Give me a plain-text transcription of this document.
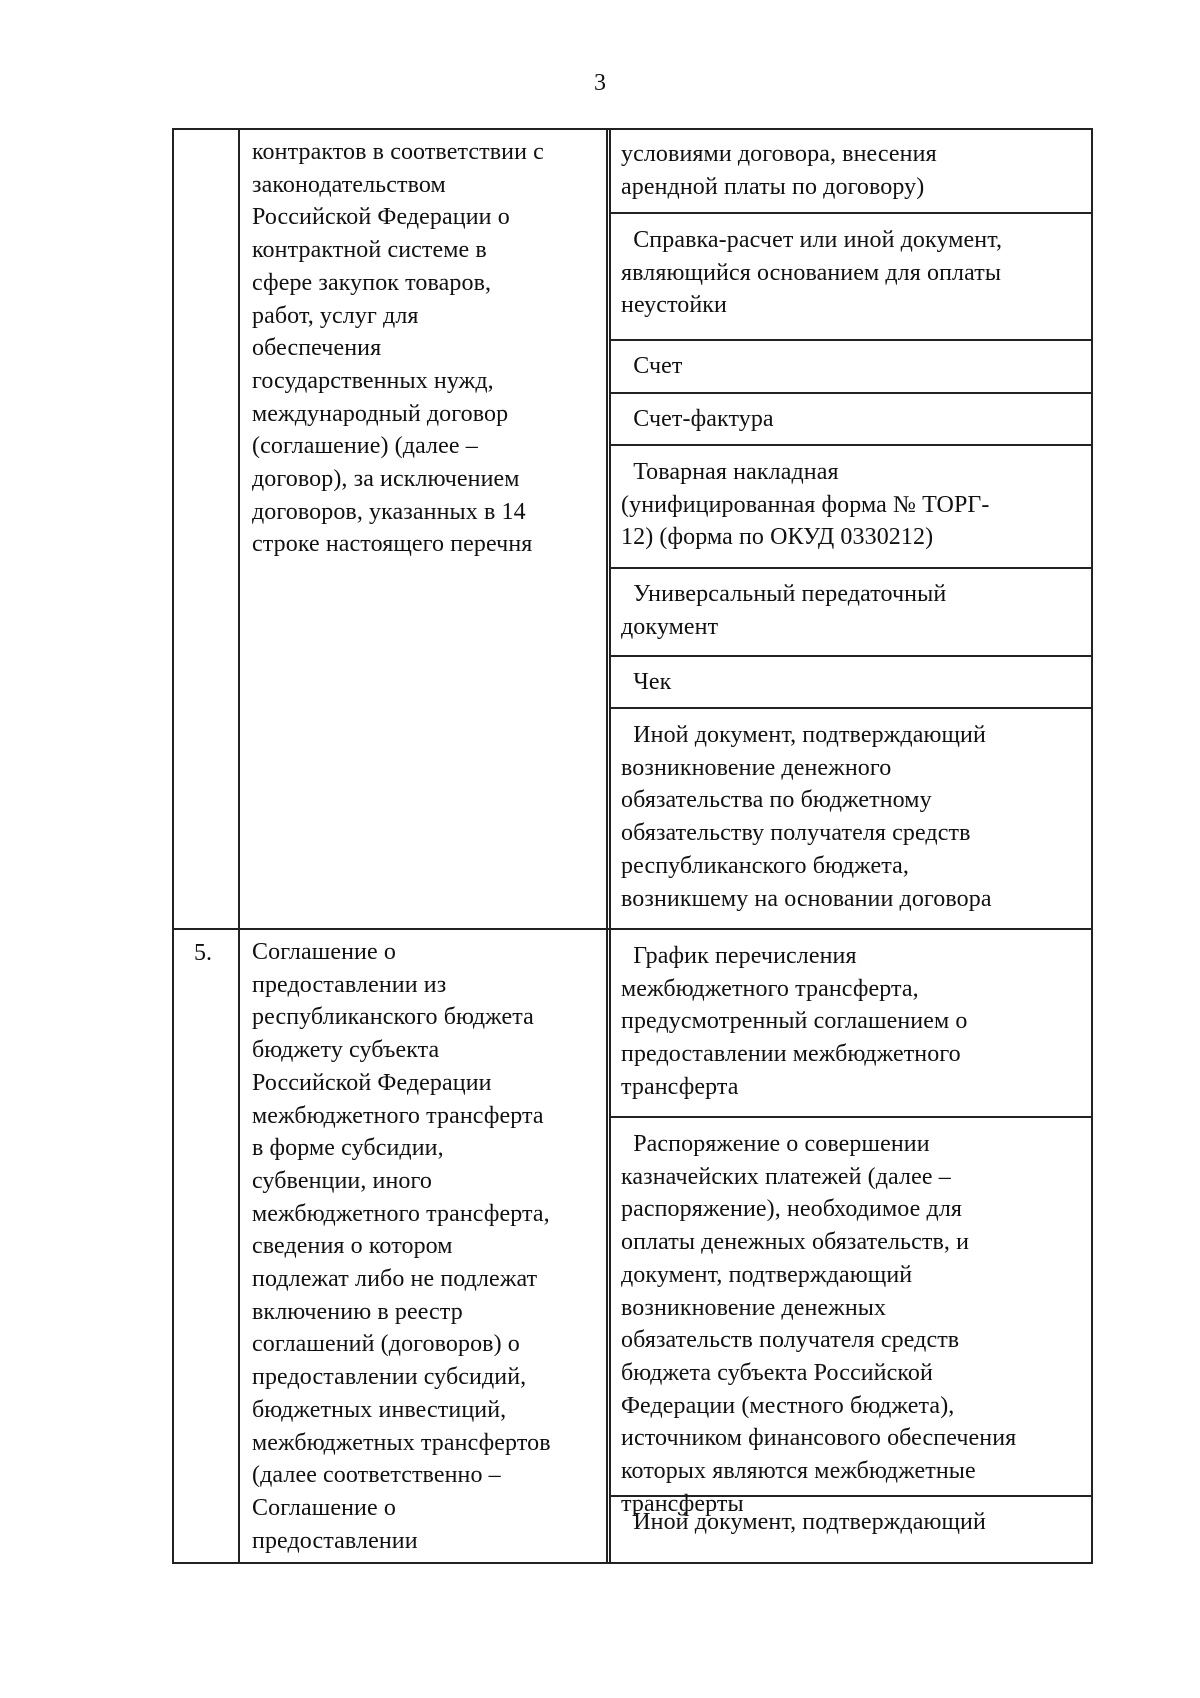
3
контрактов в соответствии с
законодательством
Российской Федерации о
контрактной системе в
сфере закупок товаров,
работ, услуг для
обеспечения
государственных нужд,
международный договор
(соглашение) (далее –
договор), за исключением
договоров, указанных в 14
строке настоящего перечня
условиями договора, внесения
арендной платы по договору)
Справка-расчет или иной документ,
являющийся основанием для оплаты
неустойки
Счет
Счет-фактура
Товарная накладная
(унифицированная форма № ТОРГ-
12) (форма по ОКУД 0330212)
Универсальный передаточный
документ
Чек
Иной документ, подтверждающий
возникновение денежного
обязательства по бюджетному
обязательству получателя средств
республиканского бюджета,
возникшему на основании договора
5. Соглашение о
предоставлении из
республиканского бюджета
бюджету субъекта
Российской Федерации
межбюджетного трансферта
в форме субсидии,
субвенции, иного
межбюджетного трансферта,
сведения о котором
подлежат либо не подлежат
включению в реестр
соглашений (договоров) о
предоставлении субсидий,
бюджетных инвестиций,
межбюджетных трансфертов
(далее соответственно –
Соглашение о
предоставлении
График перечисления
межбюджетного трансферта,
предусмотренный соглашением о
предоставлении межбюджетного
трансферта
Распоряжение о совершении
казначейских платежей (далее –
распоряжение), необходимое для
оплаты денежных обязательств, и
документ, подтверждающий
возникновение денежных
обязательств получателя средств
бюджета субъекта Российской
Федерации (местного бюджета),
источником финансового обеспечения
которых являются межбюджетные
трансферты
Иной документ, подтверждающий
